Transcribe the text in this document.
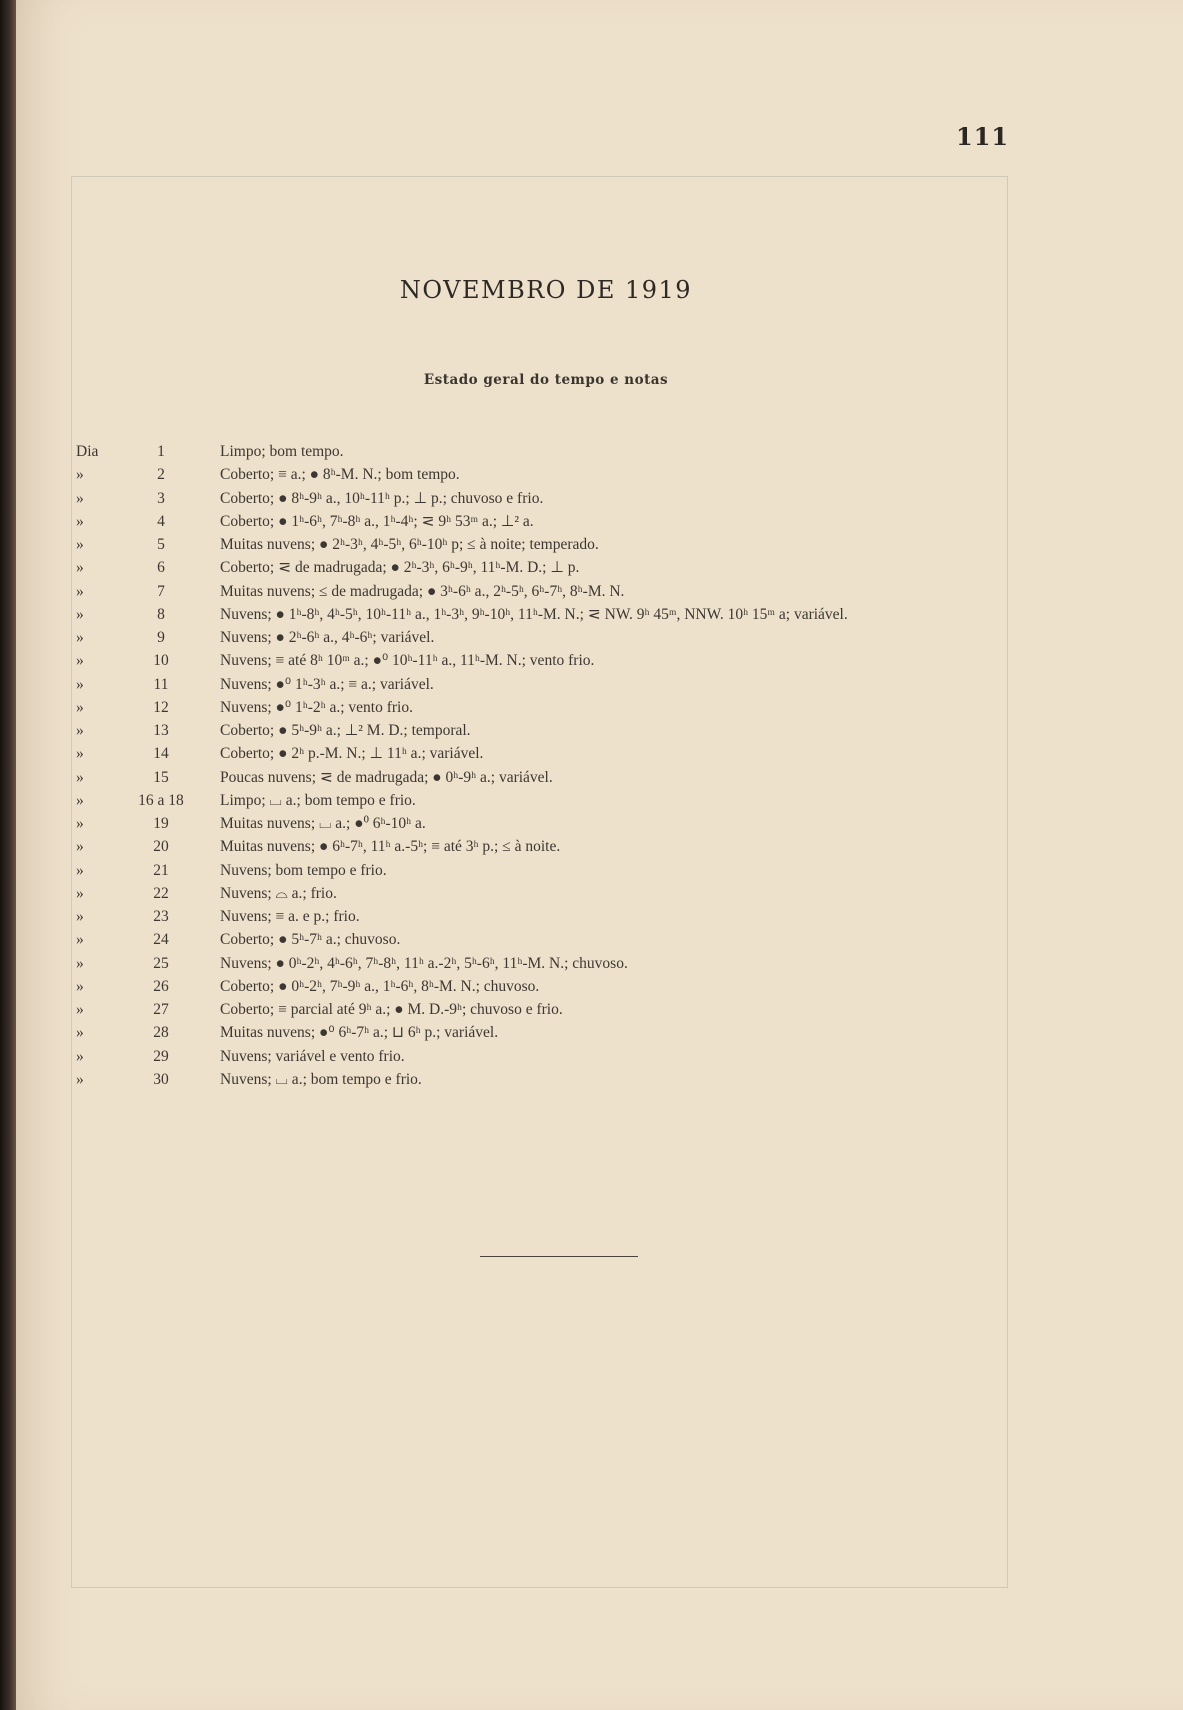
111
NOVEMBRO DE 1919
Estado geral do tempo e notas
Dia	1	Limpo; bom tempo.
»	2	Coberto; ≡ a.; ● 8ʰ-M. N.; bom tempo.
»	3	Coberto; ● 8ʰ-9ʰ a., 10ʰ-11ʰ p.; ⊥ p.; chuvoso e frio.
»	4	Coberto; ● 1ʰ-6ʰ, 7ʰ-8ʰ a., 1ʰ-4ʰ; ⋜ 9ʰ 53ᵐ a.; ⊥² a.
»	5	Muitas nuvens; ● 2ʰ-3ʰ, 4ʰ-5ʰ, 6ʰ-10ʰ p; ≤ à noite; temperado.
»	6	Coberto; ⋜ de madrugada; ● 2ʰ-3ʰ, 6ʰ-9ʰ, 11ʰ-M. D.; ⊥ p.
»	7	Muitas nuvens; ≤ de madrugada; ● 3ʰ-6ʰ a., 2ʰ-5ʰ, 6ʰ-7ʰ, 8ʰ-M. N.
»	8	Nuvens; ● 1ʰ-8ʰ, 4ʰ-5ʰ, 10ʰ-11ʰ a., 1ʰ-3ʰ, 9ʰ-10ʰ, 11ʰ-M. N.; ⋜ NW. 9ʰ 45ᵐ, NNW. 10ʰ 15ᵐ a; variável.
»	9	Nuvens; ● 2ʰ-6ʰ a., 4ʰ-6ʰ; variável.
»	10	Nuvens; ≡ até 8ʰ 10ᵐ a.; ●⁰ 10ʰ-11ʰ a., 11ʰ-M. N.; vento frio.
»	11	Nuvens; ●⁰ 1ʰ-3ʰ a.; ≡ a.; variável.
»	12	Nuvens; ●⁰ 1ʰ-2ʰ a.; vento frio.
»	13	Coberto; ● 5ʰ-9ʰ a.; ⊥² M. D.; temporal.
»	14	Coberto; ● 2ʰ p.-M. N.; ⊥ 11ʰ a.; variável.
»	15	Poucas nuvens; ⋜ de madrugada; ● 0ʰ-9ʰ a.; variável.
»	16 a 18	Limpo; ⌴ a.; bom tempo e frio.
»	19	Muitas nuvens; ⌴ a.; ●⁰ 6ʰ-10ʰ a.
»	20	Muitas nuvens; ● 6ʰ-7ʰ, 11ʰ a.-5ʰ; ≡ até 3ʰ p.; ≤ à noite.
»	21	Nuvens; bom tempo e frio.
»	22	Nuvens; ⌓ a.; frio.
»	23	Nuvens; ≡ a. e p.; frio.
»	24	Coberto; ● 5ʰ-7ʰ a.; chuvoso.
»	25	Nuvens; ● 0ʰ-2ʰ, 4ʰ-6ʰ, 7ʰ-8ʰ, 11ʰ a.-2ʰ, 5ʰ-6ʰ, 11ʰ-M. N.; chuvoso.
»	26	Coberto; ● 0ʰ-2ʰ, 7ʰ-9ʰ a., 1ʰ-6ʰ, 8ʰ-M. N.; chuvoso.
»	27	Coberto; ≡ parcial até 9ʰ a.; ● M. D.-9ʰ; chuvoso e frio.
»	28	Muitas nuvens; ●⁰ 6ʰ-7ʰ a.; ⊔ 6ʰ p.; variável.
»	29	Nuvens; variável e vento frio.
»	30	Nuvens; ⌴ a.; bom tempo e frio.
